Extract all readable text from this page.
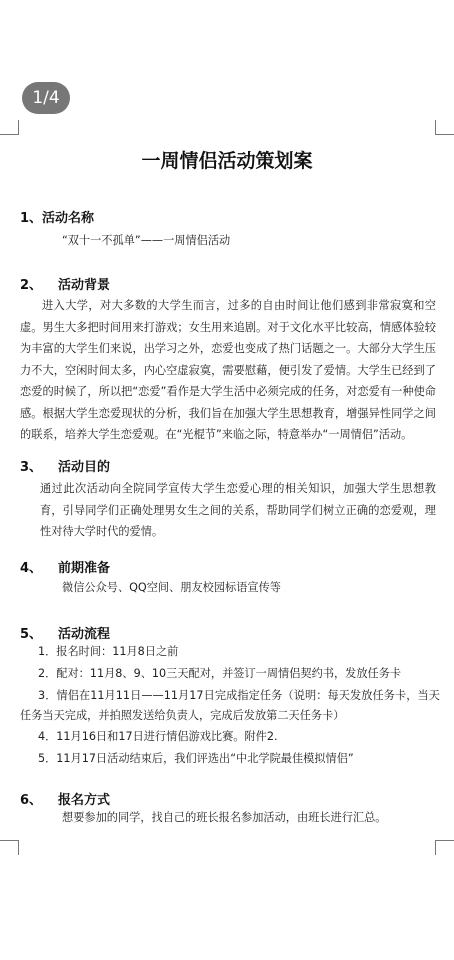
1/4
一周情侣活动策划案
1、活动名称
“双十一不孤单”——一周情侣活动
2、 活动背景
进入大学，对大多数的大学生而言，过多的自由时间让他们感到非常寂寞和空虚。男生大多把时间用来打游戏；女生用来追剧。对于文化水平比较高，情感体验较为丰富的大学生们来说，出学习之外，恋爱也变成了热门话题之一。大部分大学生压力不大，空闲时间太多，内心空虚寂寞，需要慰藉，便引发了爱情。大学生已经到了恋爱的时候了，所以把“恋爱”看作是大学生活中必须完成的任务，对恋爱有一种使命感。根据大学生恋爱现状的分析，我们旨在加强大学生思想教育，增强异性同学之间的联系，培养大学生恋爱观。在“光棍节”来临之际，特意举办“一周情侣”活动。
3、 活动目的
通过此次活动向全院同学宣传大学生恋爱心理的相关知识，加强大学生思想教育，引导同学们正确处理男女生之间的关系，帮助同学们树立正确的恋爱观，理性对待大学时代的爱情。
4、 前期准备
微信公众号、QQ空间、朋友校园标语宣传等
5、 活动流程
1．报名时间：11月8日之前
2．配对：11月8、9、10三天配对，并签订一周情侣契约书，发放任务卡
3．情侣在11月11日——11月17日完成指定任务（说明：每天发放任务卡，当天任务当天完成，并拍照发送给负责人，完成后发放第二天任务卡）
4．11月16日和17日进行情侣游戏比赛。附件2.
5．11月17日活动结束后，我们评选出“中北学院最佳模拟情侣”
6、 报名方式
想要参加的同学，找自己的班长报名参加活动，由班长进行汇总。
